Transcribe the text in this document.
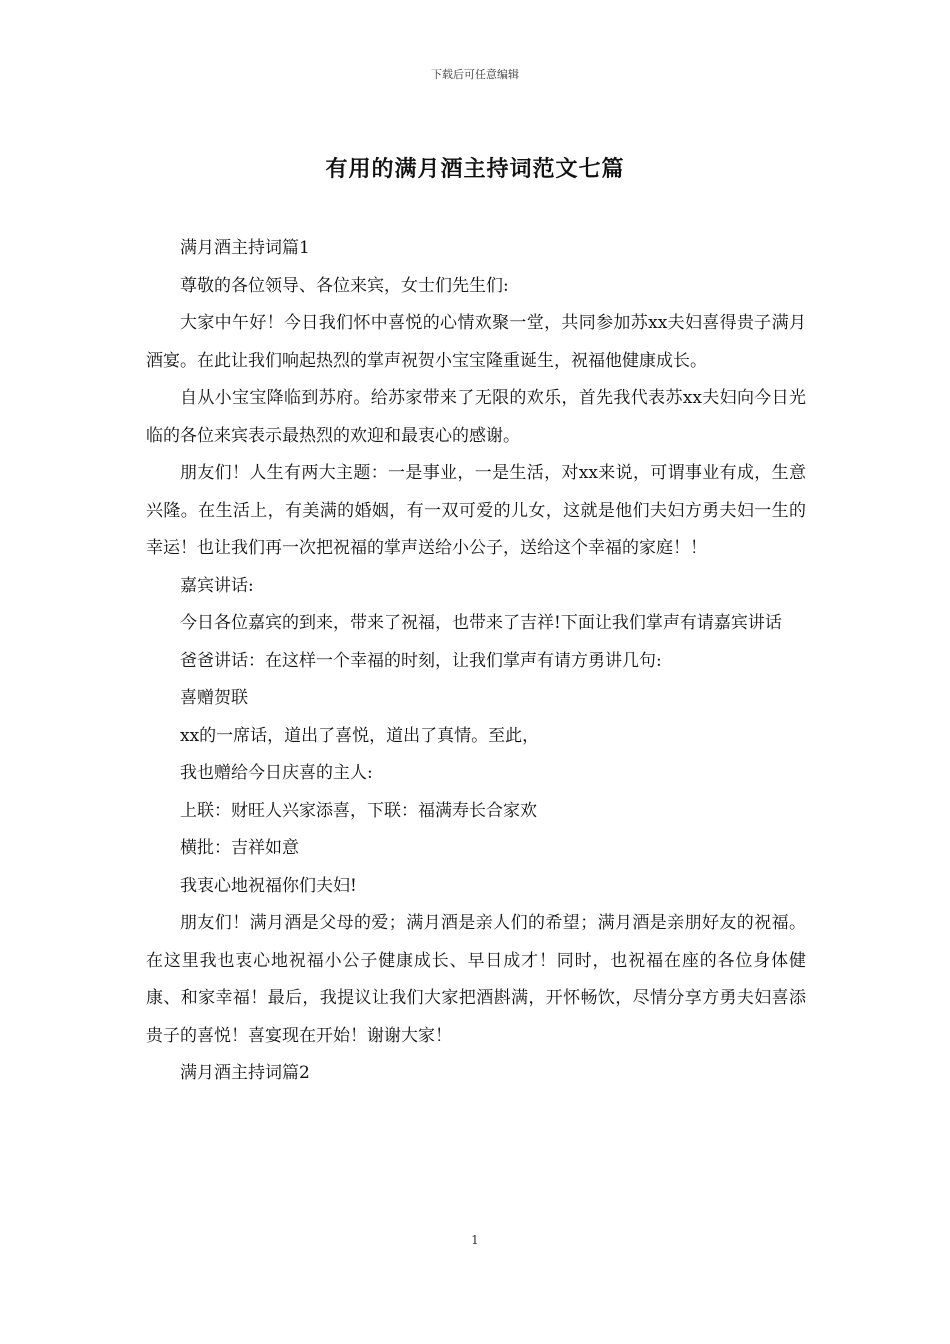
下载后可任意编辑
有用的满月酒主持词范文七篇

满月酒主持词篇1

尊敬的各位领导、各位来宾，女士们先生们:

大家中午好！今日我们怀中喜悦的心情欢聚一堂，共同参加苏xx夫妇喜得贵子满月酒宴。在此让我们响起热烈的掌声祝贺小宝宝隆重诞生，祝福他健康成长。

自从小宝宝降临到苏府。给苏家带来了无限的欢乐，首先我代表苏xx夫妇向今日光临的各位来宾表示最热烈的欢迎和最衷心的感谢。

朋友们！人生有两大主题：一是事业，一是生活，对xx来说，可谓事业有成，生意兴隆。在生活上，有美满的婚姻，有一双可爱的儿女，这就是他们夫妇方勇夫妇一生的幸运！也让我们再一次把祝福的掌声送给小公子，送给这个幸福的家庭！！

嘉宾讲话:

今日各位嘉宾的到来，带来了祝福，也带来了吉祥!下面让我们掌声有请嘉宾讲话

爸爸讲话：在这样一个幸福的时刻，让我们掌声有请方勇讲几句:

喜赠贺联

xx的一席话，道出了喜悦，道出了真情。至此，

我也赠给今日庆喜的主人:

上联：财旺人兴家添喜，下联：福满寿长合家欢

横批：吉祥如意

我衷心地祝福你们夫妇!

朋友们！满月酒是父母的爱；满月酒是亲人们的希望；满月酒是亲朋好友的祝福。在这里我也衷心地祝福小公子健康成长、早日成才！同时，也祝福在座的各位身体健康、和家幸福！最后，我提议让我们大家把酒斟满，开怀畅饮，尽情分享方勇夫妇喜添贵子的喜悦！喜宴现在开始！谢谢大家！

满月酒主持词篇2

1
